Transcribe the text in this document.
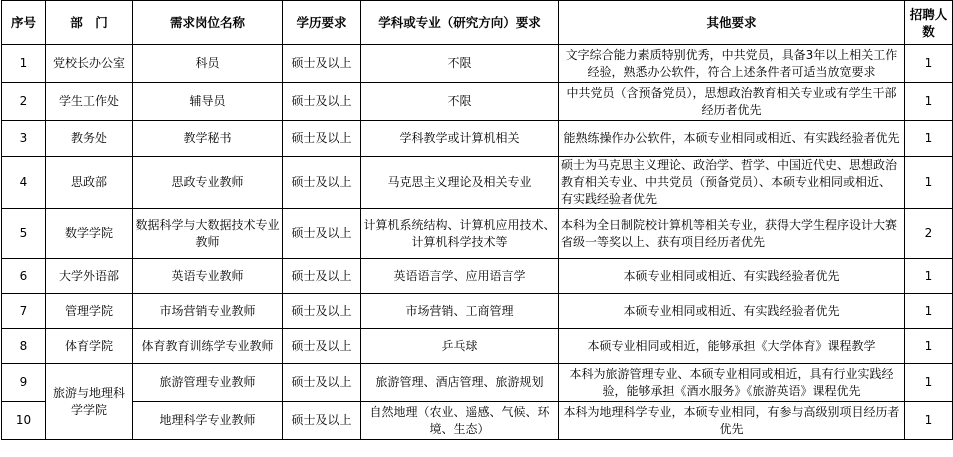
序号	部　门	需求岗位名称	学历要求	学科或专业（研究方向）要求	其他要求	招聘人数
1	党校长办公室	科员	硕士及以上	不限	文字综合能力素质特别优秀，中共党员，具备3年以上相关工作经验，熟悉办公软件，符合上述条件者可适当放宽要求	1
2	学生工作处	辅导员	硕士及以上	不限	中共党员（含预备党员），思想政治教育相关专业或有学生干部经历者优先	1
3	教务处	教学秘书	硕士及以上	学科教学或计算机相关	能熟练操作办公软件，本硕专业相同或相近、有实践经验者优先	1
4	思政部	思政专业教师	硕士及以上	马克思主义理论及相关专业	硕士为马克思主义理论、政治学、哲学、中国近代史、思想政治教育相关专业、中共党员（预备党员）、本硕专业相同或相近、有实践经验者优先	1
5	数学学院	数据科学与大数据技术专业教师	硕士及以上	计算机系统结构、计算机应用技术、计算机科学技术等	本科为全日制院校计算机等相关专业，获得大学生程序设计大赛省级一等奖以上、获有项目经历者优先	2
6	大学外语部	英语专业教师	硕士及以上	英语语言学、应用语言学	本硕专业相同或相近、有实践经验者优先	1
7	管理学院	市场营销专业教师	硕士及以上	市场营销、工商管理	本硕专业相同或相近、有实践经验者优先	1
8	体育学院	体育教育训练学专业教师	硕士及以上	乒乓球	本硕专业相同或相近，能够承担《大学体育》课程教学	1
9	旅游与地理科学学院	旅游管理专业教师	硕士及以上	旅游管理、酒店管理、旅游规划	本科为旅游管理专业、本硕专业相同或相近，具有行业实践经验，能够承担《酒水服务》《旅游英语》课程优先	1
10		地理科学专业教师	硕士及以上	自然地理（农业、遥感、气候、环境、生态）	本科为地理科学专业，本硕专业相同，有参与高级别项目经历者优先	1
